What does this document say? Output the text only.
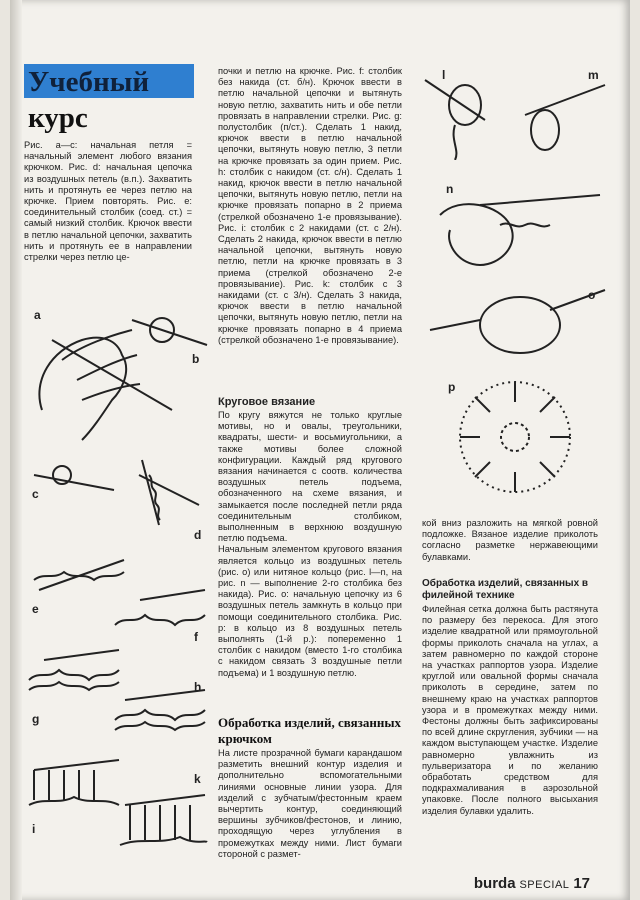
Учебный
курс

Рис. а—с: начальная петля = начальный элемент любого вязания крючком. Рис. d: начальная цепочка из воздушных петель (в.п.). Захватить нить и протянуть ее через петлю на крючке. Прием повторять. Рис. е: соединительный столбик (соед. ст.) = самый низкий столбик. Крючок ввести в петлю начальной цепочки, захватить нить и протянуть ее в направлении стрелки через петлю це-

a
b
c
d
e
f
g
h
i
k

почки и петлю на крючке. Рис. f: столбик без накида (ст. б/н). Крючок ввести в петлю начальной цепочки и вытянуть новую петлю, захватить нить и обе петли провязать в направлении стрелки. Рис. g: полустолбик (п/ст.). Сделать 1 накид, крючок ввести в петлю начальной цепочки, вытянуть новую петлю, 3 петли на крючке провязать за один прием. Рис. h: столбик с накидом (ст. с/н). Сделать 1 накид, крючок ввести в петлю начальной цепочки, вытянуть новую петлю, петли на крючке провязать попарно в 2 приема (стрелкой обозначено 1-е провязывание). Рис. i: столбик с 2 накидами (ст. с 2/н). Сделать 2 накида, крючок ввести в петлю начальной цепочки, вытянуть новую петлю, петли на крючке провязать в 3 приема (стрелкой обозначено 2-е провязывание). Рис. k: столбик с 3 накидами (ст. с 3/н). Сделать 3 накида, крючок ввести в петлю начальной цепочки, вытянуть новую петлю, петли на крючке провязать попарно в 4 приема (стрелкой обозначено 1-е провязывание).

Круговое вязание

По кругу вяжутся не только круглые мотивы, но и овалы, треугольники, квадраты, шести- и восьмиугольники, а также мотивы более сложной конфигурации. Каждый ряд кругового вязания начинается с соотв. количества воздушных петель подъема, обозначенного на схеме вязания, и замыкается после последней петли ряда соединительным столбиком, выполненным в верхнюю воздушную петлю подъема.

Начальным элементом кругового вязания является кольцо из воздушных петель (рис. о) или нитяное кольцо (рис. l—n, на рис. n — выполнение 2-го столбика без накида). Рис. о: начальную цепочку из 6 воздушных петель замкнуть в кольцо при помощи соединительного столбика. Рис. р: в кольцо из 8 воздушных петель выполнять (1-й р.): попеременно 1 столбик с накидом (вместо 1-го столбика с накидом связать 3 воздушные петли подъема) и 1 воздушную петлю.

Обработка изделий, связанных крючком

На листе прозрачной бумаги карандашом разметить внешний контур изделия и дополнительно вспомогательными линиями основные линии узора. Для изделий с зубчатым/фестонным краем вычертить контур, соединяющий вершины зубчиков/фестонов, и линию, проходящую через углубления в промежутках между ними. Лист бумаги стороной с размет-

l	m
n
o
p

кой вниз разложить на мягкой ровной подложке. Вязаное изделие приколоть согласно разметке нержавеющими булавками.

Обработка изделий, связанных в филейной технике

Филейная сетка должна быть растянута по размеру без перекоса. Для этого изделие квадратной или прямоугольной формы приколоть сначала на углах, а затем равномерно по каждой стороне на участках раппортов узора. Изделие круглой или овальной формы сначала приколоть в середине, затем по внешнему краю на участках раппортов узора и в промежутках между ними. Фестоны должны быть зафиксированы по всей длине скругления, зубчики — на каждом выступающем участке. Изделие равномерно увлажнить из пульверизатора и по желанию обработать средством для подкрахмаливания в аэрозольной упаковке. После полного высыхания изделия булавки удалить.

burda SPECIAL 17
